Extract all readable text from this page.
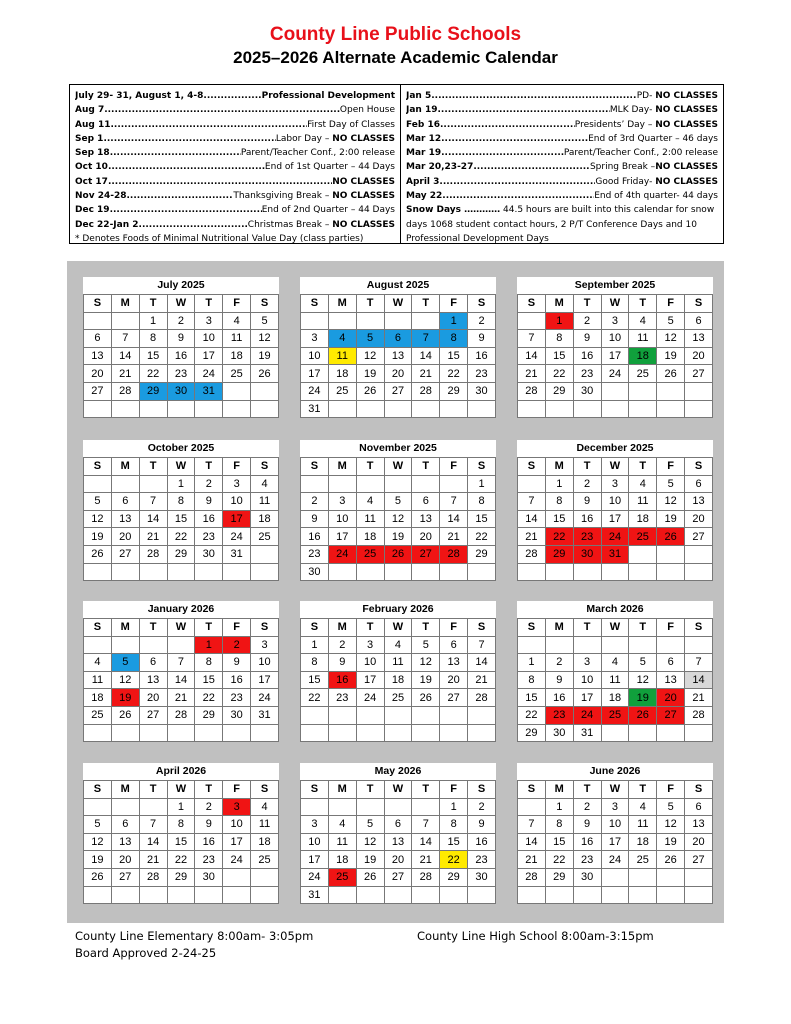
County Line Public Schools
2025–2026 Alternate Academic Calendar
July 29- 31, August 1, 4-8 .....	Professional Development
Aug 7 .....	Open House
Aug 11 .....	First Day of Classes
Sep 1 .....	Labor Day – NO CLASSES
Sep 18 .....	Parent/Teacher Conf., 2:00 release
Oct 10 .....	End of 1st Quarter – 44 Days
Oct 17 .....	NO CLASSES
Nov 24-28 .....	Thanksgiving Break – NO CLASSES
Dec 19 .....	End of 2nd Quarter – 44 Days
Dec 22-Jan 2 .....	Christmas Break – NO CLASSES
* Denotes Foods of Minimal Nutritional Value Day (class parties)
Jan 5 .....	PD- NO CLASSES
Jan 19 .....	MLK Day- NO CLASSES
Feb 16 .....	Presidents’ Day – NO CLASSES
Mar 12 .....	End of 3rd Quarter – 46 days
Mar 19 .....	Parent/Teacher Conf., 2:00 release
Mar 20,23-27 .....	Spring Break –NO CLASSES
April 3 .....	Good Friday- NO CLASSES
May 22 .....	End of 4th quarter- 44 days
Snow Days ………… 44.5 hours are built into this calendar for snow days 1068 student contact hours, 2 P/T Conference Days and 10 Professional Development Days
July 2025
S	M	T	W	T	F	S
		1	2	3	4	5
6	7	8	9	10	11	12
13	14	15	16	17	18	19
20	21	22	23	24	25	26
27	28	29	30	31		

August 2025
S	M	T	W	T	F	S
					1	2
3	4	5	6	7	8	9
10	11	12	13	14	15	16
17	18	19	20	21	22	23
24	25	26	27	28	29	30
31						
September 2025
S	M	T	W	T	F	S
	1	2	3	4	5	6
7	8	9	10	11	12	13
14	15	16	17	18	19	20
21	22	23	24	25	26	27
28	29	30				

October 2025
S	M	T	W	T	F	S
			1	2	3	4
5	6	7	8	9	10	11
12	13	14	15	16	17	18
19	20	21	22	23	24	25
26	27	28	29	30	31	

November 2025
S	M	T	W	T	F	S
						1
2	3	4	5	6	7	8
9	10	11	12	13	14	15
16	17	18	19	20	21	22
23	24	25	26	27	28	29
30						
December 2025
S	M	T	W	T	F	S
	1	2	3	4	5	6
7	8	9	10	11	12	13
14	15	16	17	18	19	20
21	22	23	24	25	26	27
28	29	30	31			

January 2026
S	M	T	W	T	F	S
				1	2	3
4	5	6	7	8	9	10
11	12	13	14	15	16	17
18	19	20	21	22	23	24
25	26	27	28	29	30	31

February 2026
S	M	T	W	T	F	S
1	2	3	4	5	6	7
8	9	10	11	12	13	14
15	16	17	18	19	20	21
22	23	24	25	26	27	28

March 2026
S	M	T	W	T	F	S

1	2	3	4	5	6	7
8	9	10	11	12	13	14
15	16	17	18	19	20	21
22	23	24	25	26	27	28
29	30	31				
April 2026
S	M	T	W	T	F	S
			1	2	3	4
5	6	7	8	9	10	11
12	13	14	15	16	17	18
19	20	21	22	23	24	25
26	27	28	29	30		

May 2026
S	M	T	W	T	F	S
					1	2
3	4	5	6	7	8	9
10	11	12	13	14	15	16
17	18	19	20	21	22	23
24	25	26	27	28	29	30
31						
June 2026
S	M	T	W	T	F	S
	1	2	3	4	5	6
7	8	9	10	11	12	13
14	15	16	17	18	19	20
21	22	23	24	25	26	27
28	29	30				

County Line Elementary 8:00am- 3:05pm
Board Approved 2-24-25
County Line High School 8:00am-3:15pm
